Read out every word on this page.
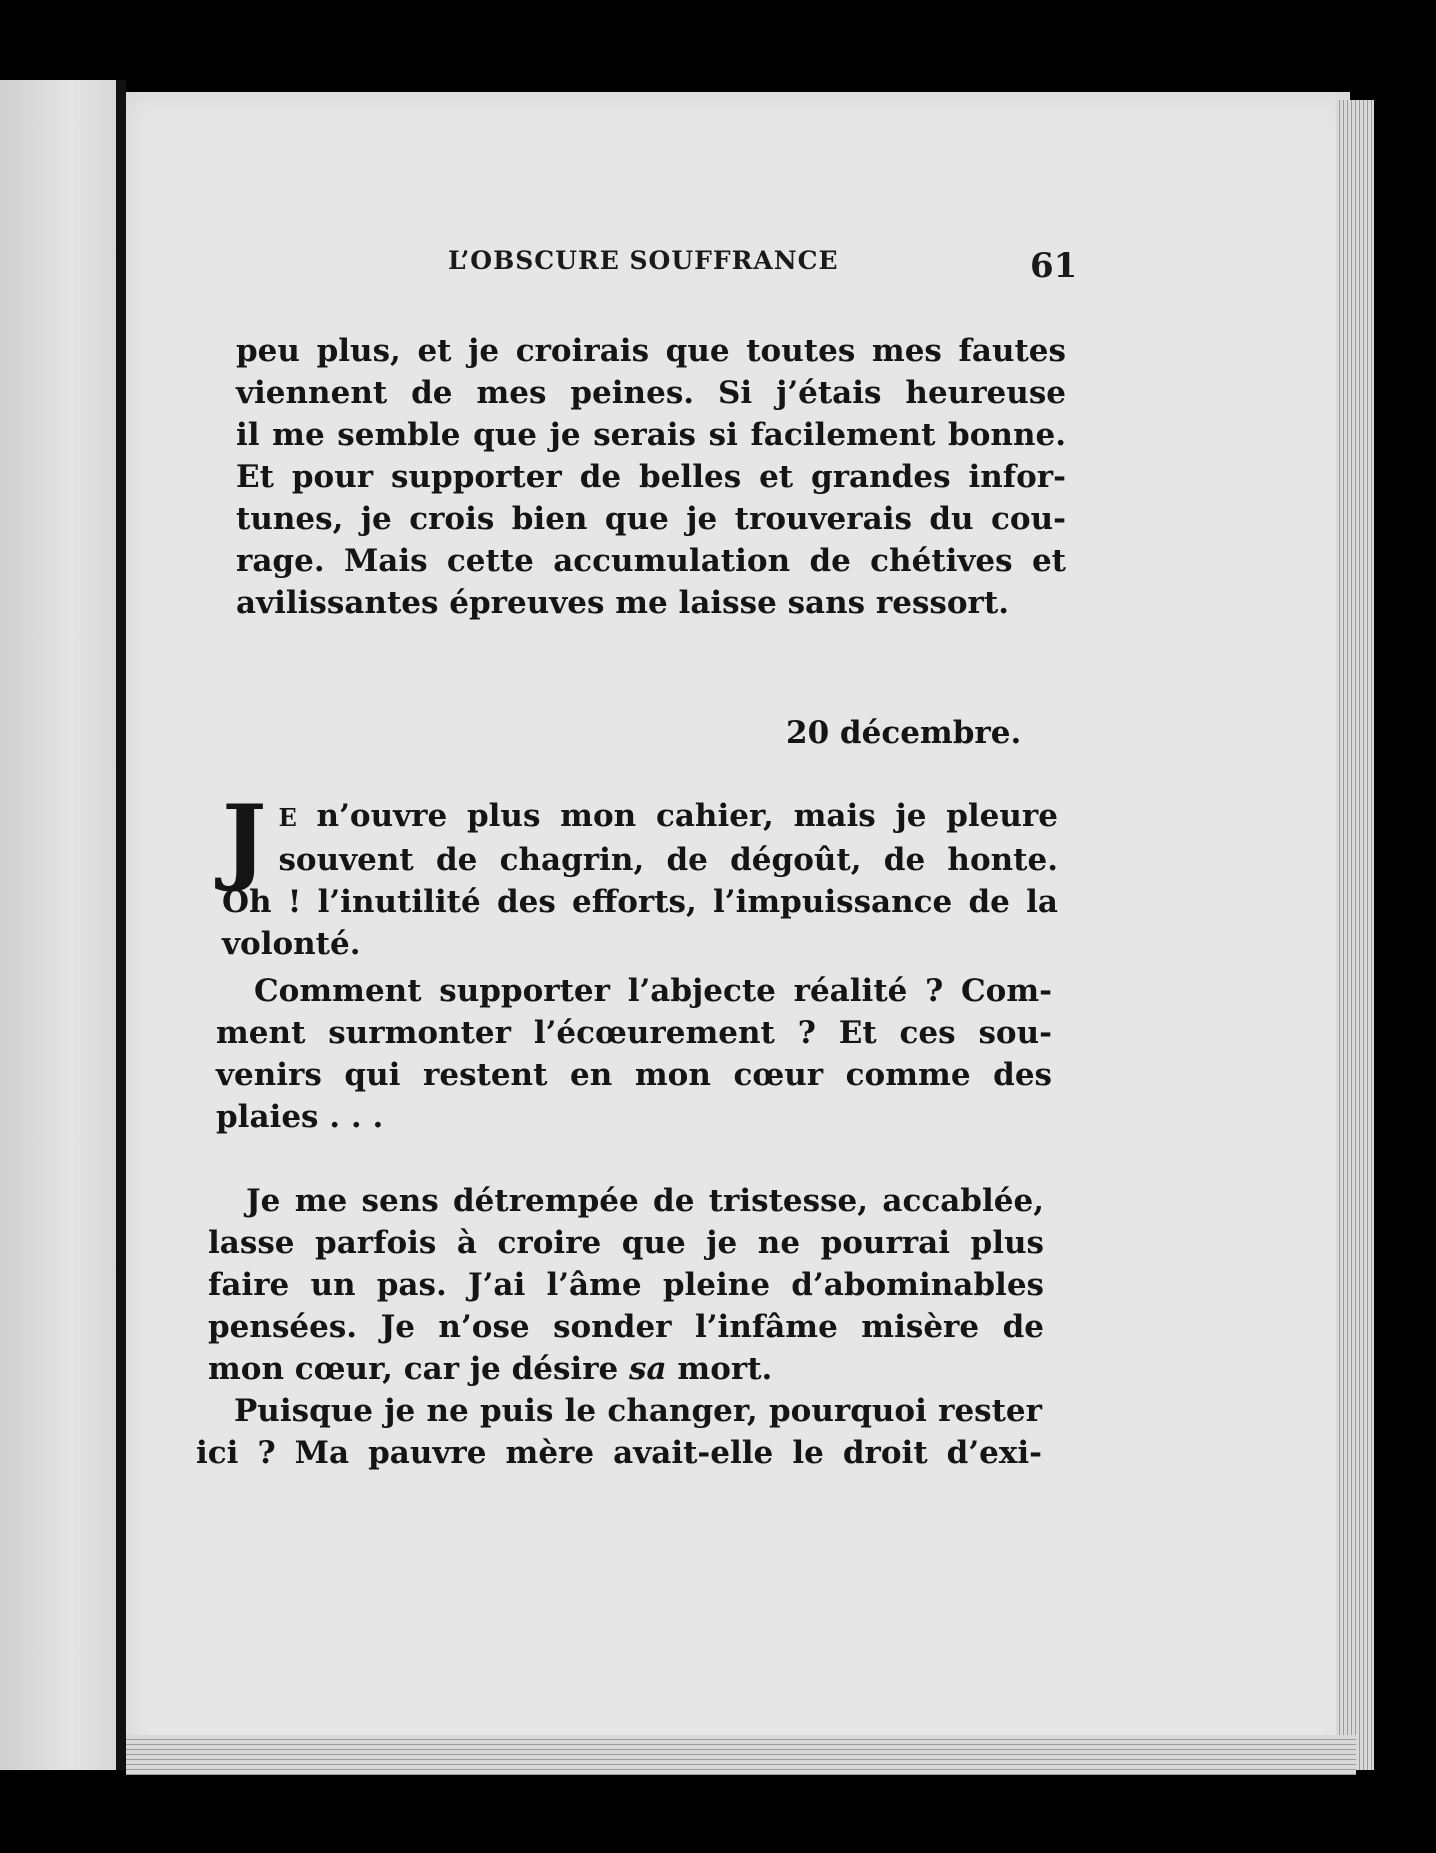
L’OBSCURE SOUFFRANCE	61
peu plus, et je croirais que toutes mes fautes
viennent de mes peines. Si j’étais heureuse
il me semble que je serais si facilement bonne.
Et pour supporter de belles et grandes infor-
tunes, je crois bien que je trouverais du cou-
rage. Mais cette accumulation de chétives et
avilissantes épreuves me laisse sans ressort.
20 décembre.
J E n’ouvre plus mon cahier, mais je pleure
souvent de chagrin, de dégoût, de honte.
Oh ! l’inutilité des efforts, l’impuissance de la
volonté.
Comment supporter l’abjecte réalité ? Com-
ment surmonter l’écœurement ? Et ces sou-
venirs qui restent en mon cœur comme des
plaies . . .
Je me sens détrempée de tristesse, accablée,
lasse parfois à croire que je ne pourrai plus
faire un pas. J’ai l’âme pleine d’abominables
pensées. Je n’ose sonder l’infâme misère de
mon cœur, car je désire sa mort.
Puisque je ne puis le changer, pourquoi rester
ici ? Ma pauvre mère avait-elle le droit d’exi-
